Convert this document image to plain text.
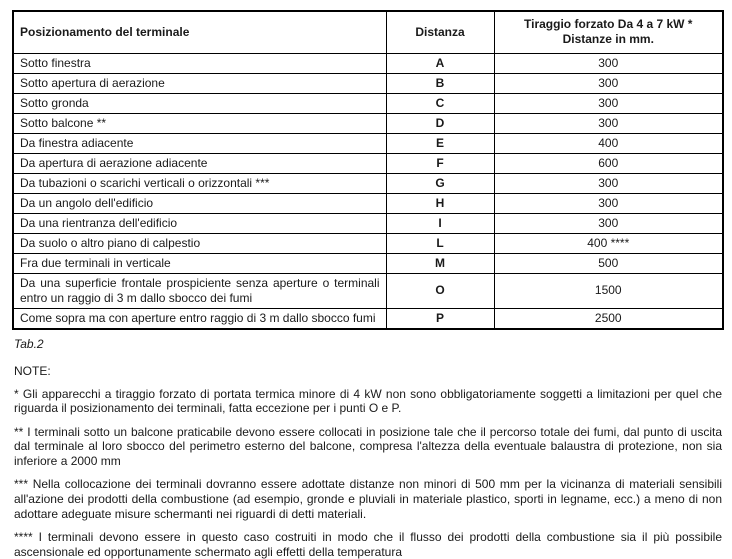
Posizionamento del terminale	Distanza	Tiraggio forzato Da 4 a 7 kW *
Distanze in mm.

Sotto finestra	A	300
Sotto apertura di aerazione	B	300
Sotto gronda	C	300
Sotto balcone **	D	300
Da finestra adiacente	E	400
Da apertura di aerazione adiacente	F	600
Da tubazioni o scarichi verticali o orizzontali ***	G	300
Da un angolo dell'edificio	H	300
Da una rientranza dell'edificio	I	300
Da suolo o altro piano di calpestio	L	400 ****
Fra due terminali in verticale	M	500
Da una superficie frontale prospiciente senza aperture o terminali entro un raggio di 3 m dallo sbocco dei fumi	O	1500
Come sopra ma con aperture entro raggio di 3 m dallo sbocco fumi	P	2500
Tab.2
NOTE:

* Gli apparecchi a tiraggio forzato di portata termica minore di 4 kW non sono obbligatoriamente soggetti a limitazioni per quel che riguarda il posizionamento dei terminali, fatta eccezione per i punti O e P.

** I terminali sotto un balcone praticabile devono essere collocati in posizione tale che il percorso totale dei fumi, dal punto di uscita dal terminale al loro sbocco del perimetro esterno del balcone, compresa l'altezza della eventuale balaustra di protezione, non sia inferiore a 2000 mm

*** Nella collocazione dei terminali dovranno essere adottate distanze non minori di 500 mm per la vicinanza di materiali sensibili all'azione dei prodotti della combustione (ad esempio, gronde e pluviali in materiale plastico, sporti in legname, ecc.) a meno di non adottare adeguate misure schermanti nei riguardi di detti materiali.

**** I terminali devono essere in questo caso costruiti in modo che il flusso dei prodotti della combustione sia il più possibile ascensionale ed opportunamente schermato agli effetti della temperatura
